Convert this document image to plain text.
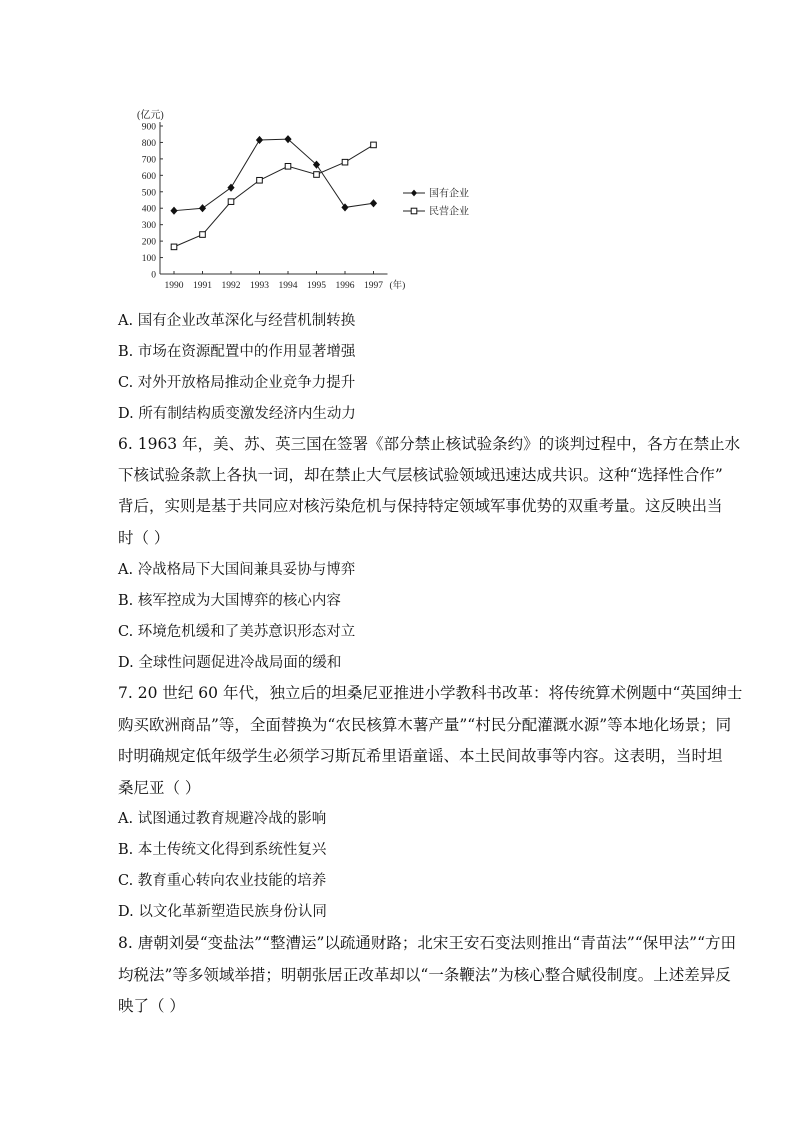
(亿元)
0
100
200
300
400
500
600
700
800
900
1990 1991 1992 1993 1994 1995 1996 1997 (年)
国有企业
民营企业
A. 国有企业改革深化与经营机制转换
B. 市场在资源配置中的作用显著增强
C. 对外开放格局推动企业竞争力提升
D. 所有制结构质变激发经济内生动力
6. 1963 年，美、苏、英三国在签署《部分禁止核试验条约》的谈判过程中，各方在禁止水
下核试验条款上各执一词，却在禁止大气层核试验领域迅速达成共识。这种“选择性合作”
背后，实则是基于共同应对核污染危机与保持特定领域军事优势的双重考量。这反映出当
时（ ）
A. 冷战格局下大国间兼具妥协与博弈
B. 核军控成为大国博弈的核心内容
C. 环境危机缓和了美苏意识形态对立
D. 全球性问题促进冷战局面的缓和
7. 20 世纪 60 年代，独立后的坦桑尼亚推进小学教科书改革：将传统算术例题中“英国绅士
购买欧洲商品”等，全面替换为“农民核算木薯产量”“村民分配灌溉水源”等本地化场景；同
时明确规定低年级学生必须学习斯瓦希里语童谣、本土民间故事等内容。这表明，当时坦
桑尼亚（ ）
A. 试图通过教育规避冷战的影响
B. 本土传统文化得到系统性复兴
C. 教育重心转向农业技能的培养
D. 以文化革新塑造民族身份认同
8. 唐朝刘晏“变盐法”“整漕运”以疏通财路；北宋王安石变法则推出“青苗法”“保甲法”“方田
均税法”等多领域举措；明朝张居正改革却以“一条鞭法”为核心整合赋役制度。上述差异反
映了（ ）
